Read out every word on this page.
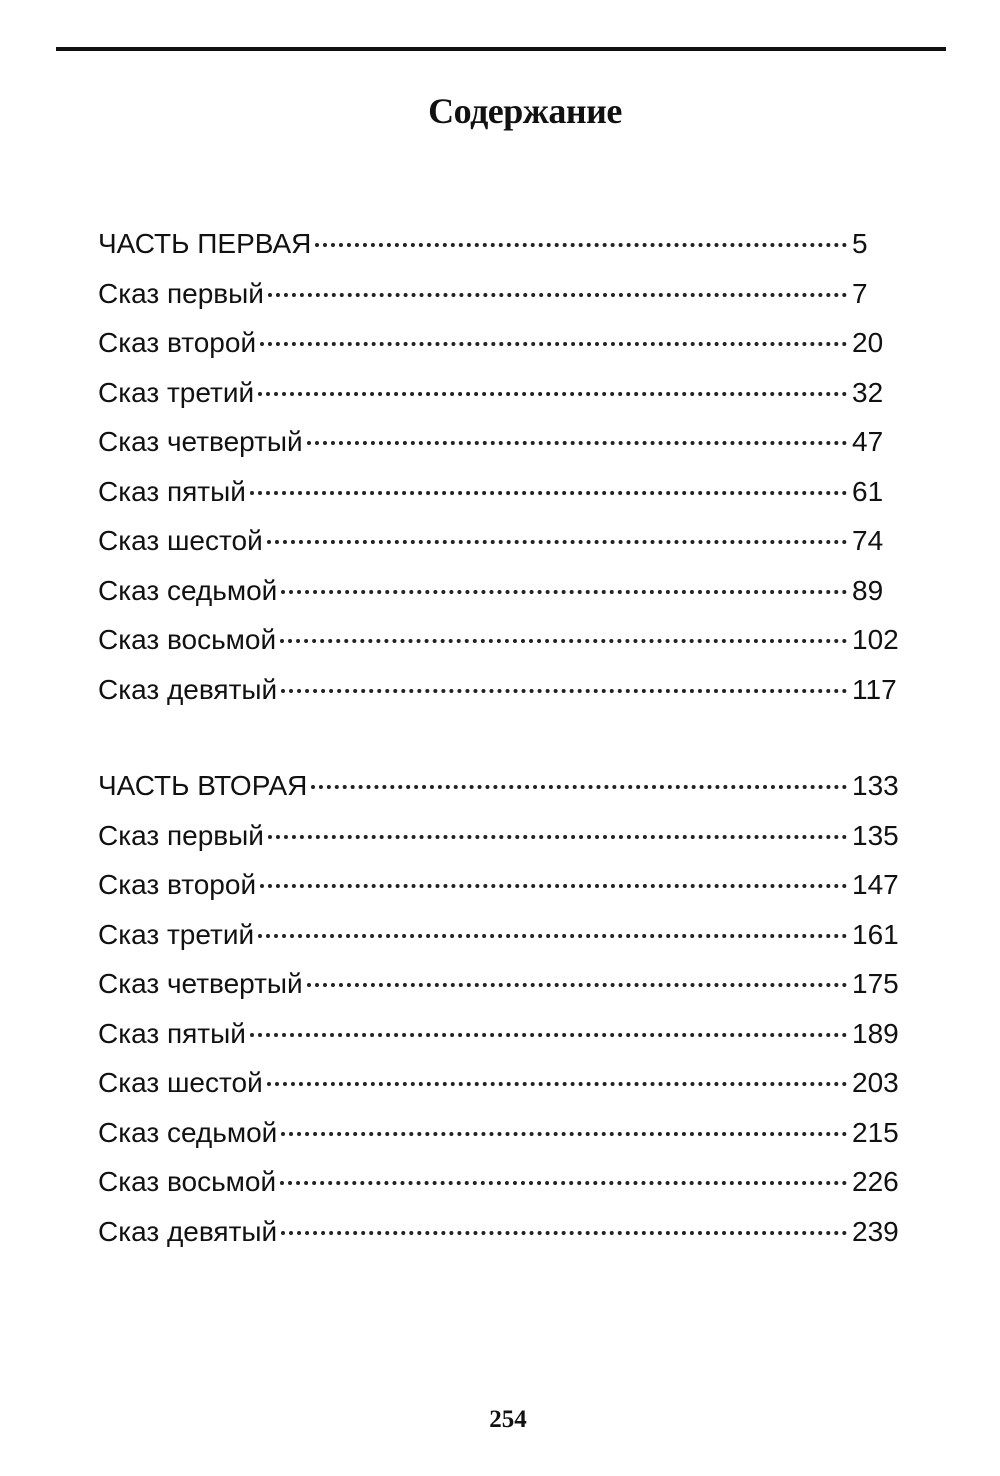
Содержание
ЧАСТЬ ПЕРВАЯ	5
Сказ первый	7
Сказ второй	20
Сказ третий	32
Сказ четвертый	47
Сказ пятый	61
Сказ шестой	74
Сказ седьмой	89
Сказ восьмой	102
Сказ девятый	117
ЧАСТЬ ВТОРАЯ	133
Сказ первый	135
Сказ второй	147
Сказ третий	161
Сказ четвертый	175
Сказ пятый	189
Сказ шестой	203
Сказ седьмой	215
Сказ восьмой	226
Сказ девятый	239
254
